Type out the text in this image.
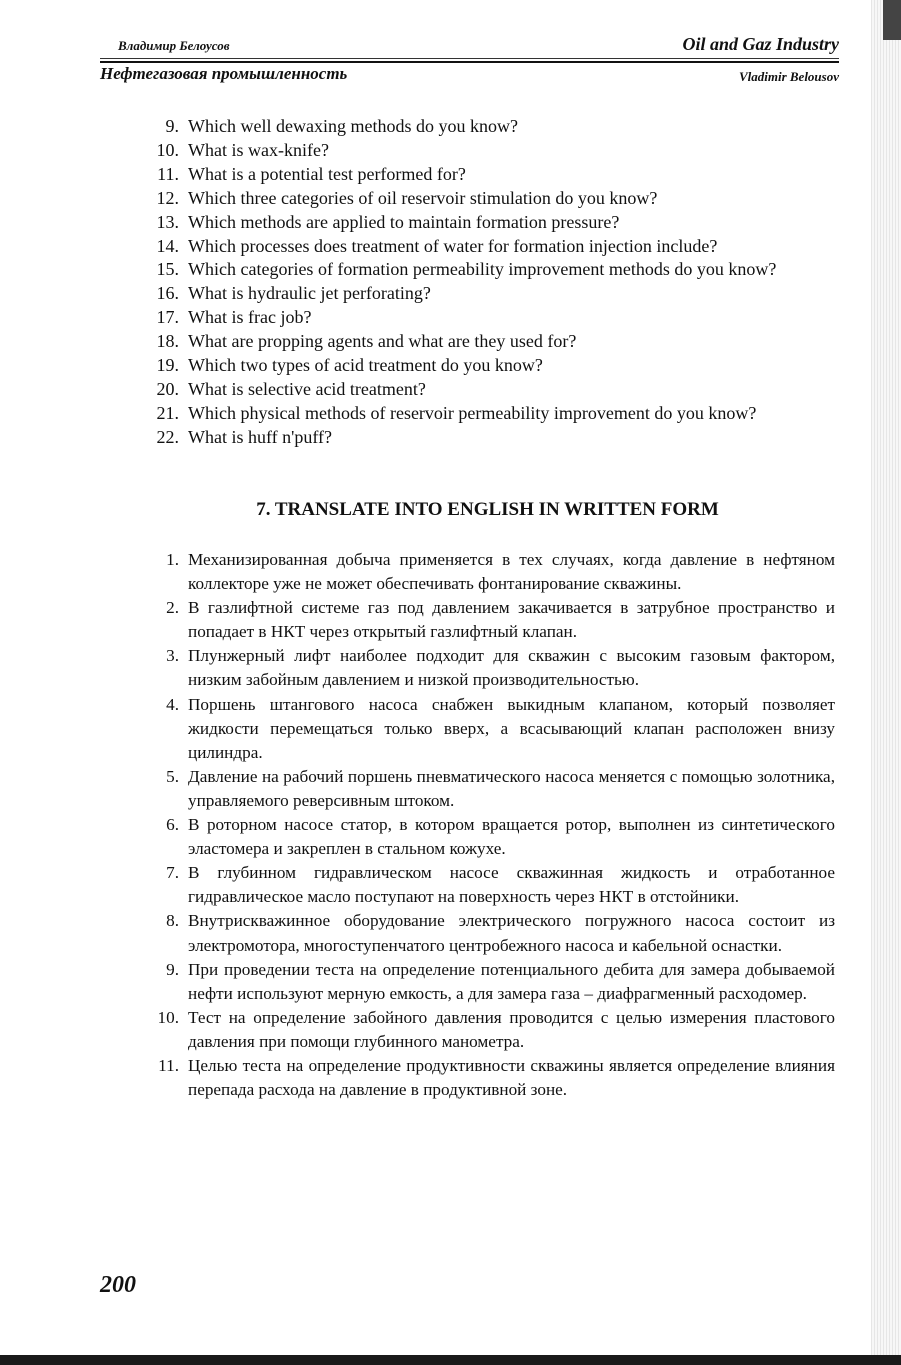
Владимир Белоусов	Oil and Gaz Industry
Нефтегазовая промышленность	Vladimir Belousov
9. Which well dewaxing methods do you know?
10. What is wax-knife?
11. What is a potential test performed for?
12. Which three categories of oil reservoir stimulation do you know?
13. Which methods are applied to maintain formation pressure?
14. Which processes does treatment of water for formation injection include?
15. Which categories of formation permeability improvement methods do you know?
16. What is hydraulic jet perforating?
17. What is frac job?
18. What are propping agents and what are they used for?
19. Which two types of acid treatment do you know?
20. What is selective acid treatment?
21. Which physical methods of reservoir permeability improvement do you know?
22. What is huff n'puff?
7. TRANSLATE INTO ENGLISH IN WRITTEN FORM
1. Механизированная добыча применяется в тех случаях, когда давление в нефтяном коллекторе уже не может обеспечивать фонтанирование скважины.
2. В газлифтной системе газ под давлением закачивается в затрубное пространство и попадает в НКТ через открытый газлифтный клапан.
3. Плунжерный лифт наиболее подходит для скважин с высоким газовым фактором, низким забойным давлением и низкой производительностью.
4. Поршень штангового насоса снабжен выкидным клапаном, который позволяет жидкости перемещаться только вверх, а всасывающий клапан расположен внизу цилиндра.
5. Давление на рабочий поршень пневматического насоса меняется с помощью золотника, управляемого реверсивным штоком.
6. В роторном насосе статор, в котором вращается ротор, выполнен из синтетического эластомера и закреплен в стальном кожухе.
7. В глубинном гидравлическом насосе скважинная жидкость и отработанное гидравлическое масло поступают на поверхность через НКТ в отстойники.
8. Внутрискважинное оборудование электрического погружного насоса состоит из электромотора, многоступенчатого центробежного насоса и кабельной оснастки.
9. При проведении теста на определение потенциального дебита для замера добываемой нефти используют мерную емкость, а для замера газа – диафрагменный расходомер.
10. Тест на определение забойного давления проводится с целью измерения пластового давления при помощи глубинного манометра.
11. Целью теста на определение продуктивности скважины является определение влияния перепада расхода на давление в продуктивной зоне.
200
